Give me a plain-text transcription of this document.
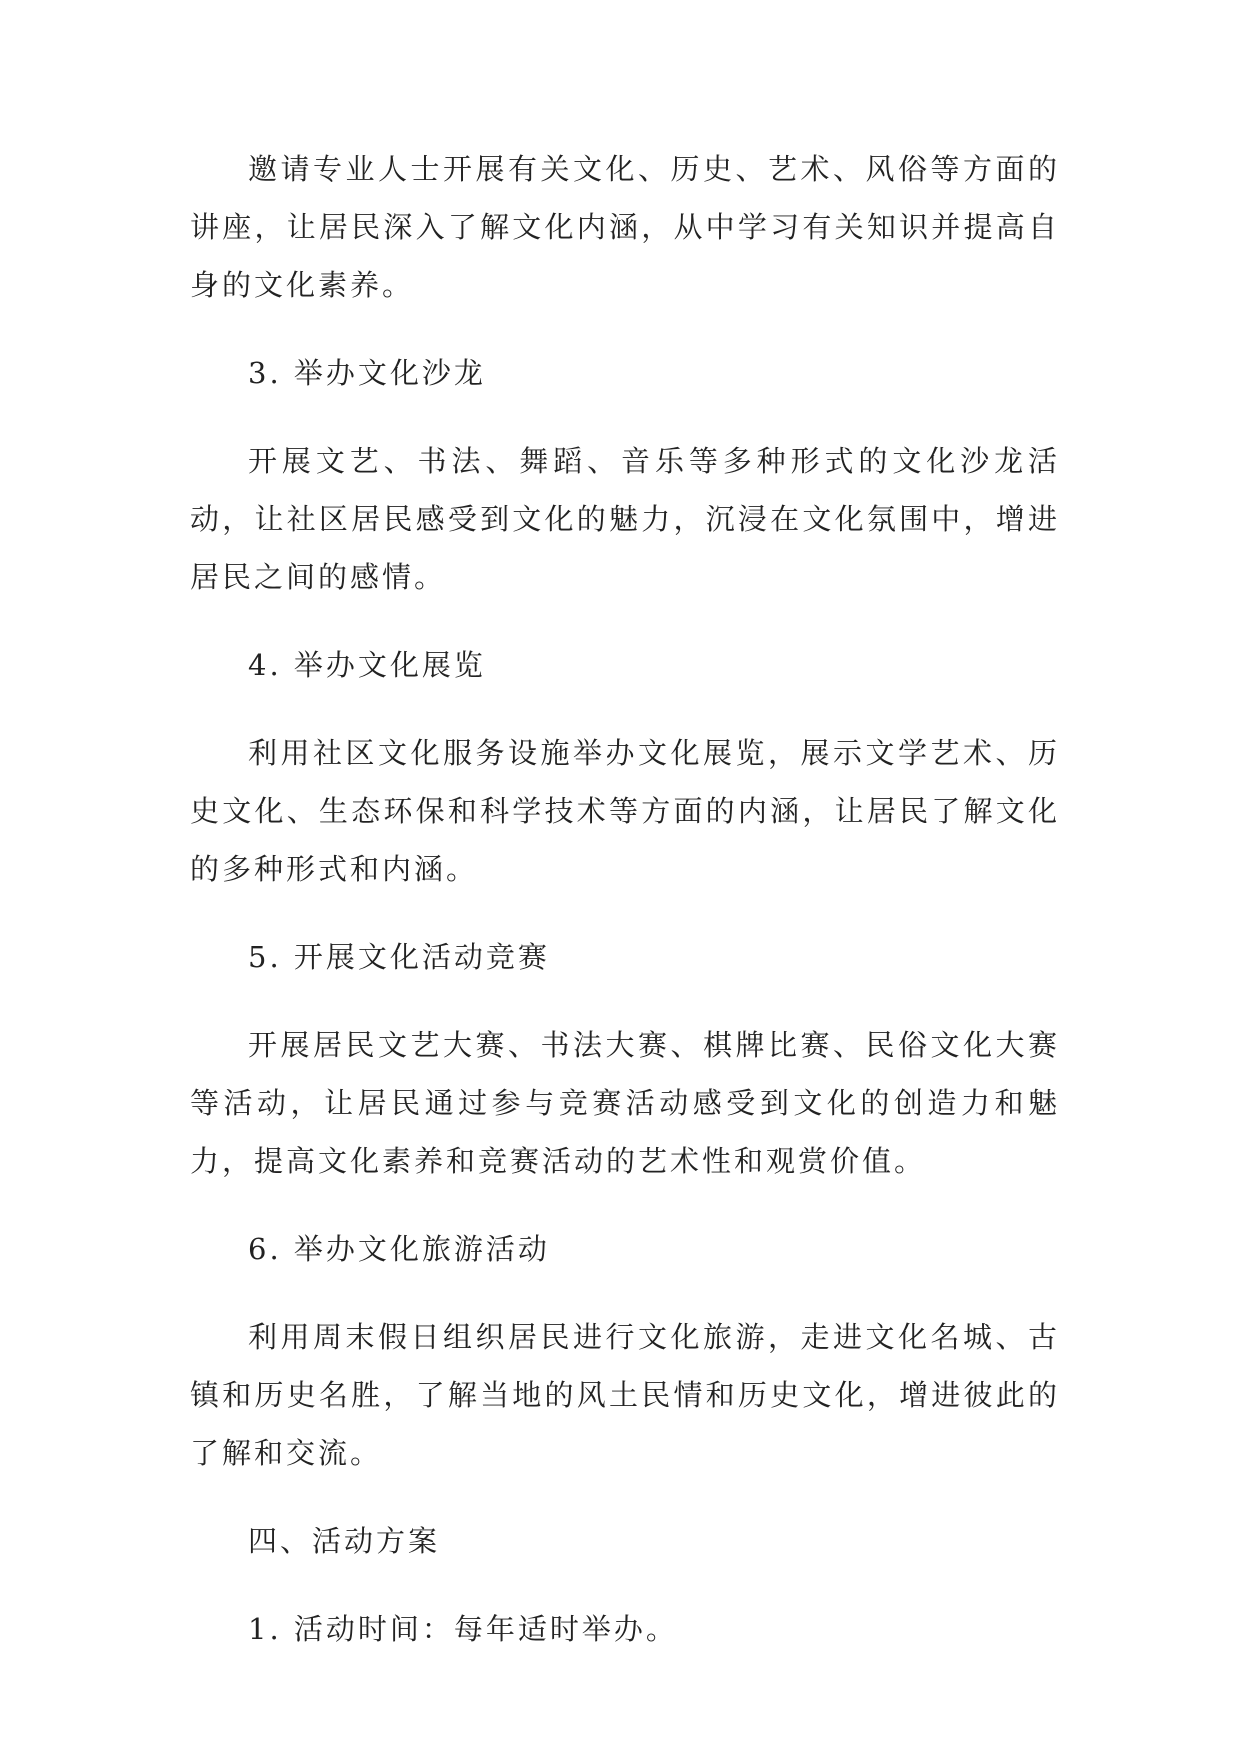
邀请专业人士开展有关文化、历史、艺术、风俗等方面的讲座，让居民深入了解文化内涵，从中学习有关知识并提高自身的文化素养。

3. 举办文化沙龙

开展文艺、书法、舞蹈、音乐等多种形式的文化沙龙活动，让社区居民感受到文化的魅力，沉浸在文化氛围中，增进居民之间的感情。

4. 举办文化展览

利用社区文化服务设施举办文化展览，展示文学艺术、历史文化、生态环保和科学技术等方面的内涵，让居民了解文化的多种形式和内涵。

5. 开展文化活动竞赛

开展居民文艺大赛、书法大赛、棋牌比赛、民俗文化大赛等活动，让居民通过参与竞赛活动感受到文化的创造力和魅力，提高文化素养和竞赛活动的艺术性和观赏价值。

6. 举办文化旅游活动

利用周末假日组织居民进行文化旅游，走进文化名城、古镇和历史名胜，了解当地的风土民情和历史文化，增进彼此的了解和交流。

四、活动方案

1. 活动时间：每年适时举办。
